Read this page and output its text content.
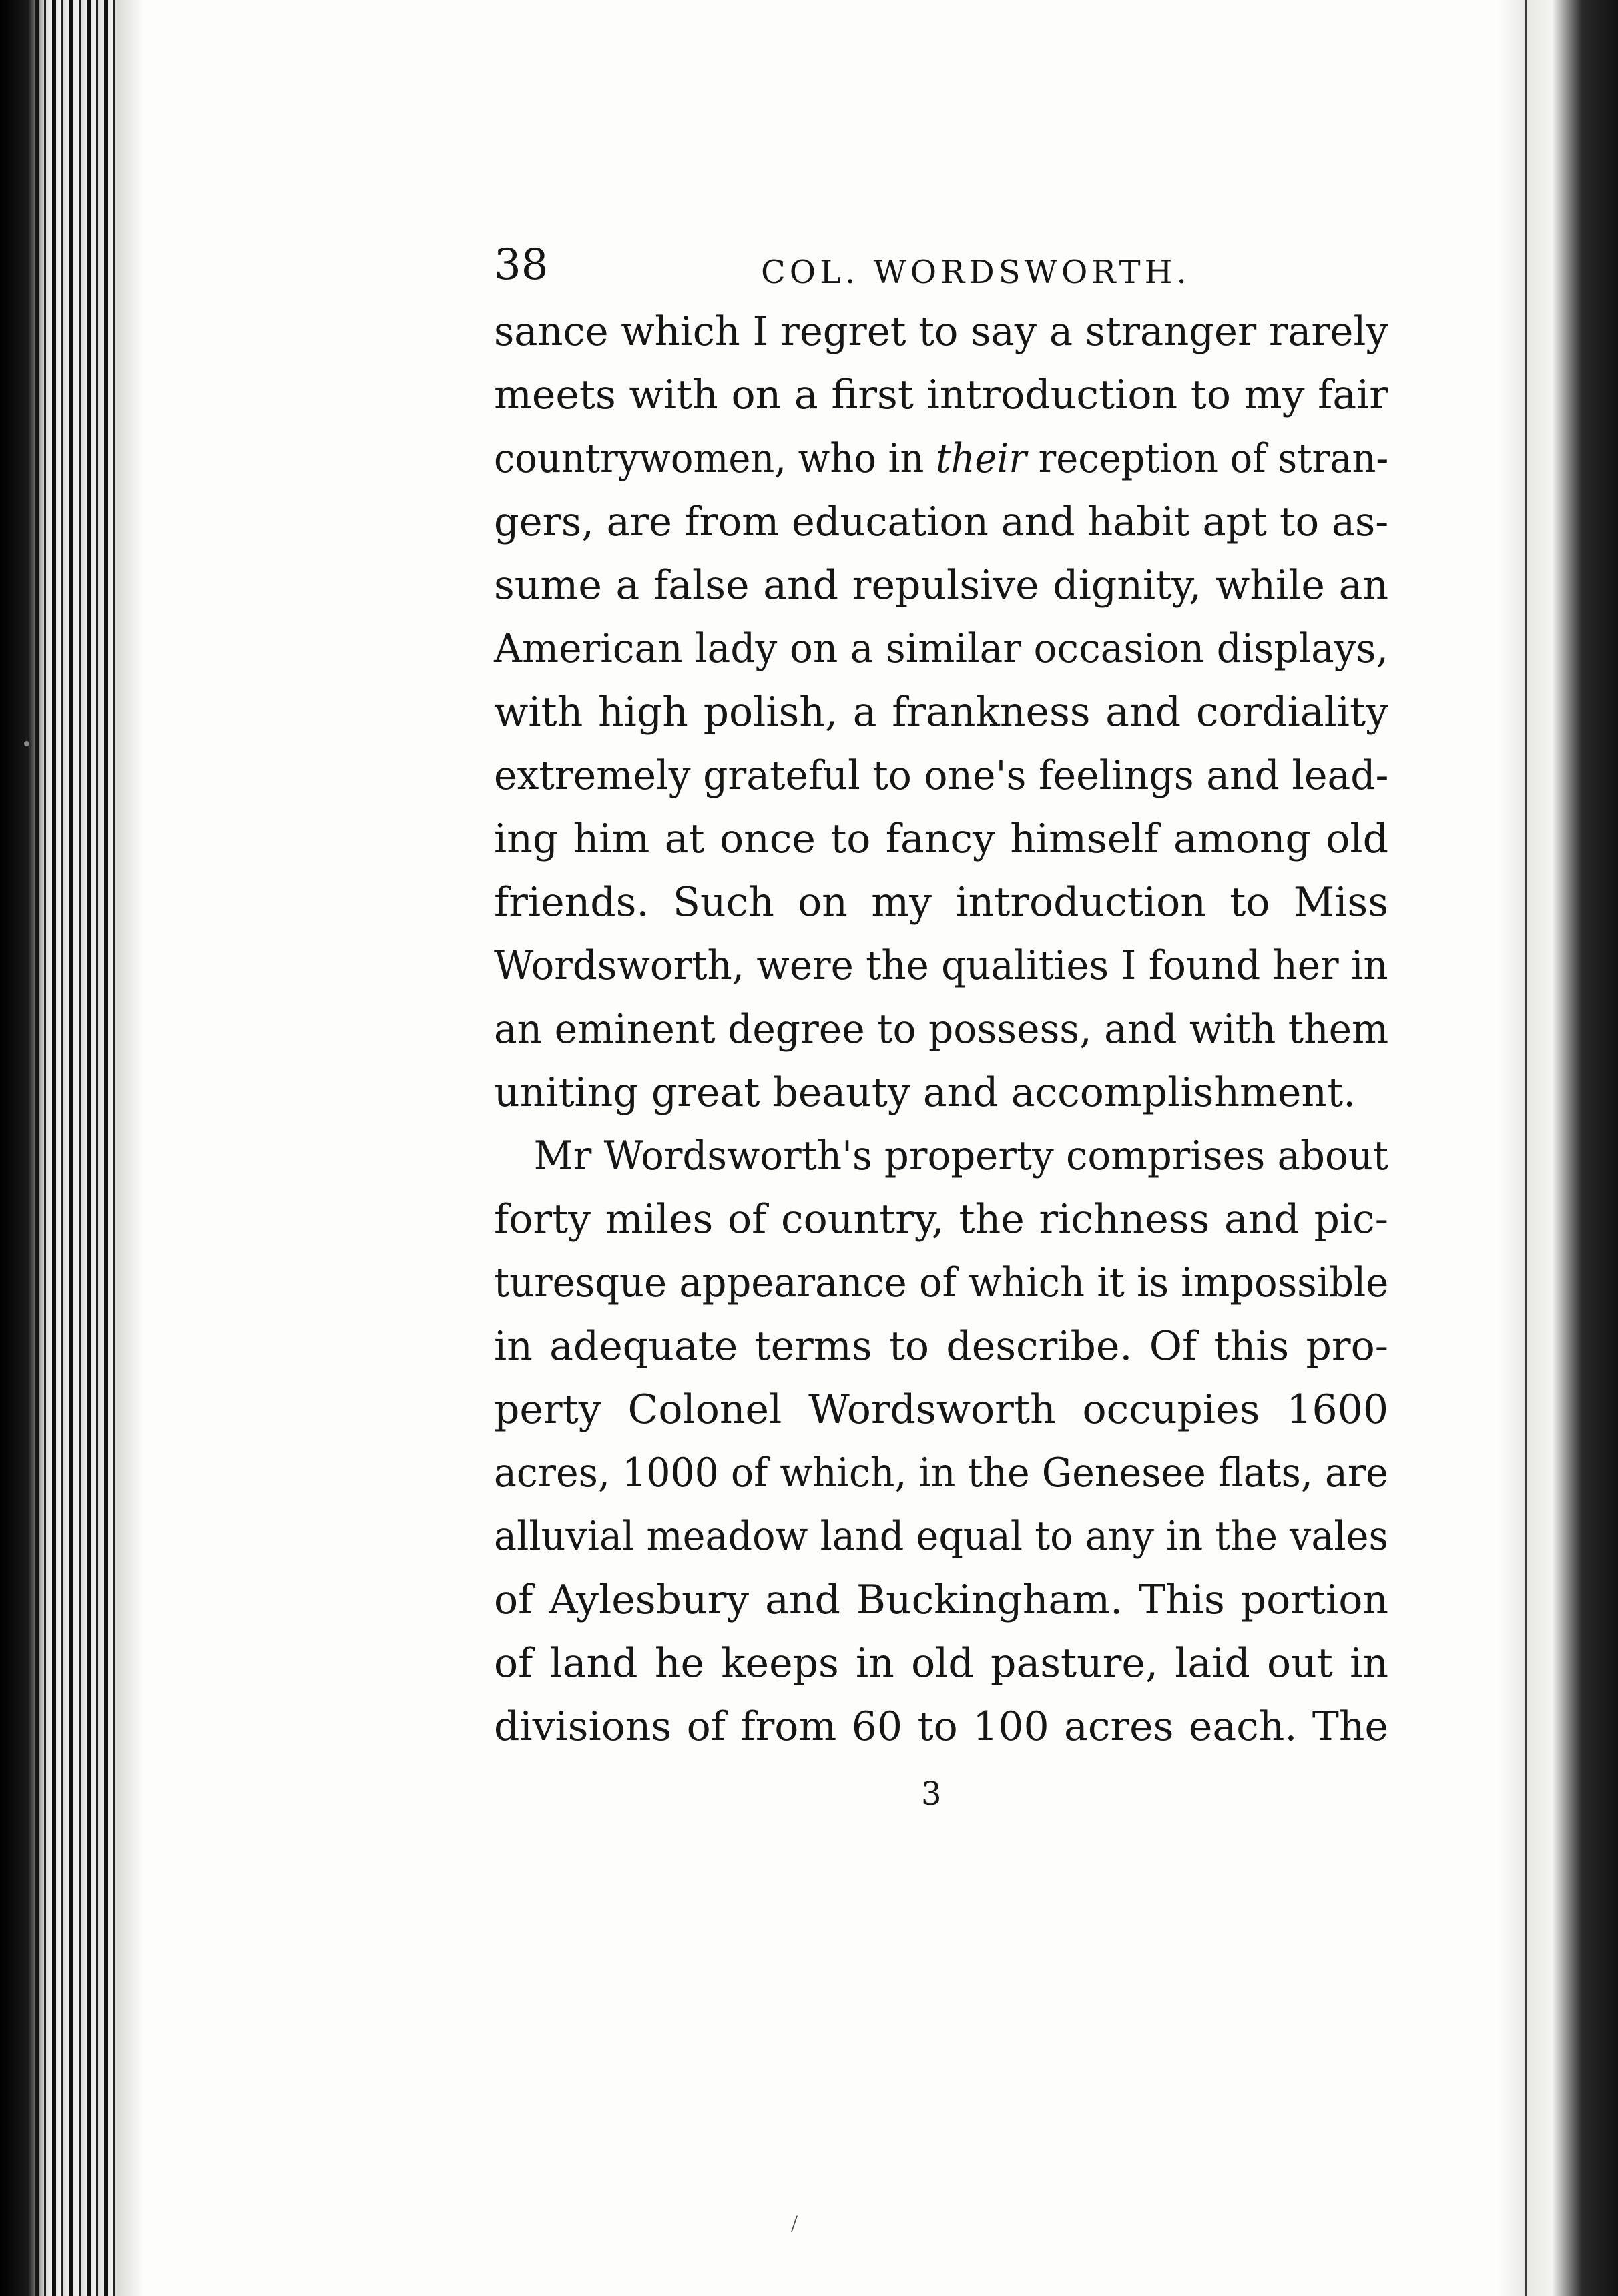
38	COL. WORDSWORTH.
sance which I regret to say a stranger rarely
meets with on a first introduction to my fair
countrywomen, who in their reception of stran-
gers, are from education and habit apt to as-
sume a false and repulsive dignity, while an
American lady on a similar occasion displays,
with high polish, a frankness and cordiality
extremely grateful to one's feelings and lead-
ing him at once to fancy himself among old
friends. Such on my introduction to Miss
Wordsworth, were the qualities I found her in
an eminent degree to possess, and with them
uniting great beauty and accomplishment.
Mr Wordsworth's property comprises about
forty miles of country, the richness and pic-
turesque appearance of which it is impossible
in adequate terms to describe. Of this pro-
perty Colonel Wordsworth occupies 1600
acres, 1000 of which, in the Genesee flats, are
alluvial meadow land equal to any in the vales
of Aylesbury and Buckingham. This portion
of land he keeps in old pasture, laid out in
divisions of from 60 to 100 acres each. The
3
/
